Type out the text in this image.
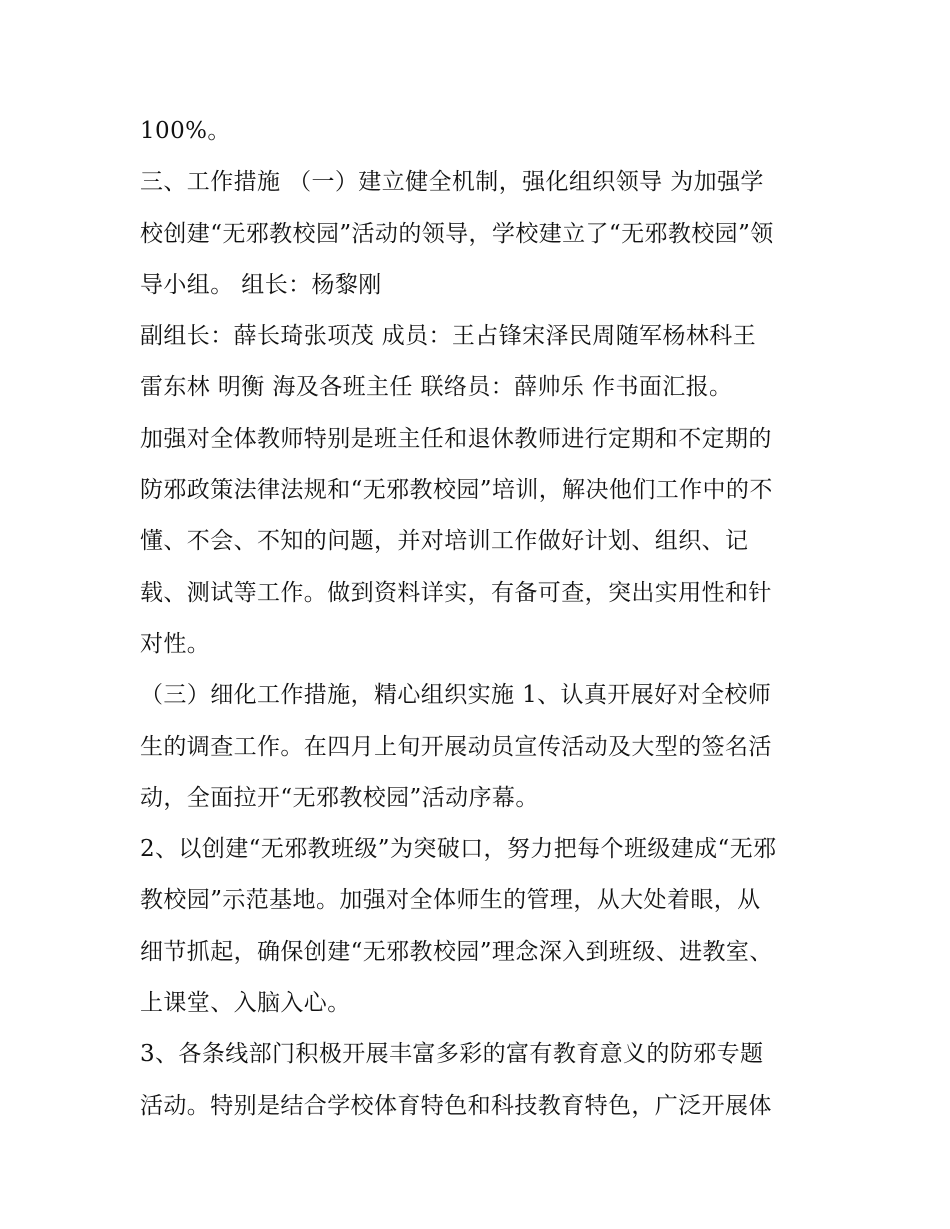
100%。
三、工作措施 （一）建立健全机制，强化组织领导 为加强学
校创建“无邪教校园”活动的领导，学校建立了“无邪教校园”领
导小组。 组长：杨黎刚
副组长：薛长琦张项茂 成员：王占锋宋泽民周随军杨林科王
雷东林 明衡 海及各班主任 联络员：薛帅乐 作书面汇报。
加强对全体教师特别是班主任和退休教师进行定期和不定期的
防邪政策法律法规和“无邪教校园”培训，解决他们工作中的不
懂、不会、不知的问题，并对培训工作做好计划、组织、记
载、测试等工作。做到资料详实，有备可查，突出实用性和针
对性。
（三）细化工作措施，精心组织实施 1、认真开展好对全校师
生的调查工作。在四月上旬开展动员宣传活动及大型的签名活
动，全面拉开“无邪教校园”活动序幕。
2、以创建“无邪教班级”为突破口，努力把每个班级建成“无邪
教校园”示范基地。加强对全体师生的管理，从大处着眼，从
细节抓起，确保创建“无邪教校园”理念深入到班级、进教室、
上课堂、入脑入心。
3、各条线部门积极开展丰富多彩的富有教育意义的防邪专题
活动。特别是结合学校体育特色和科技教育特色，广泛开展体
